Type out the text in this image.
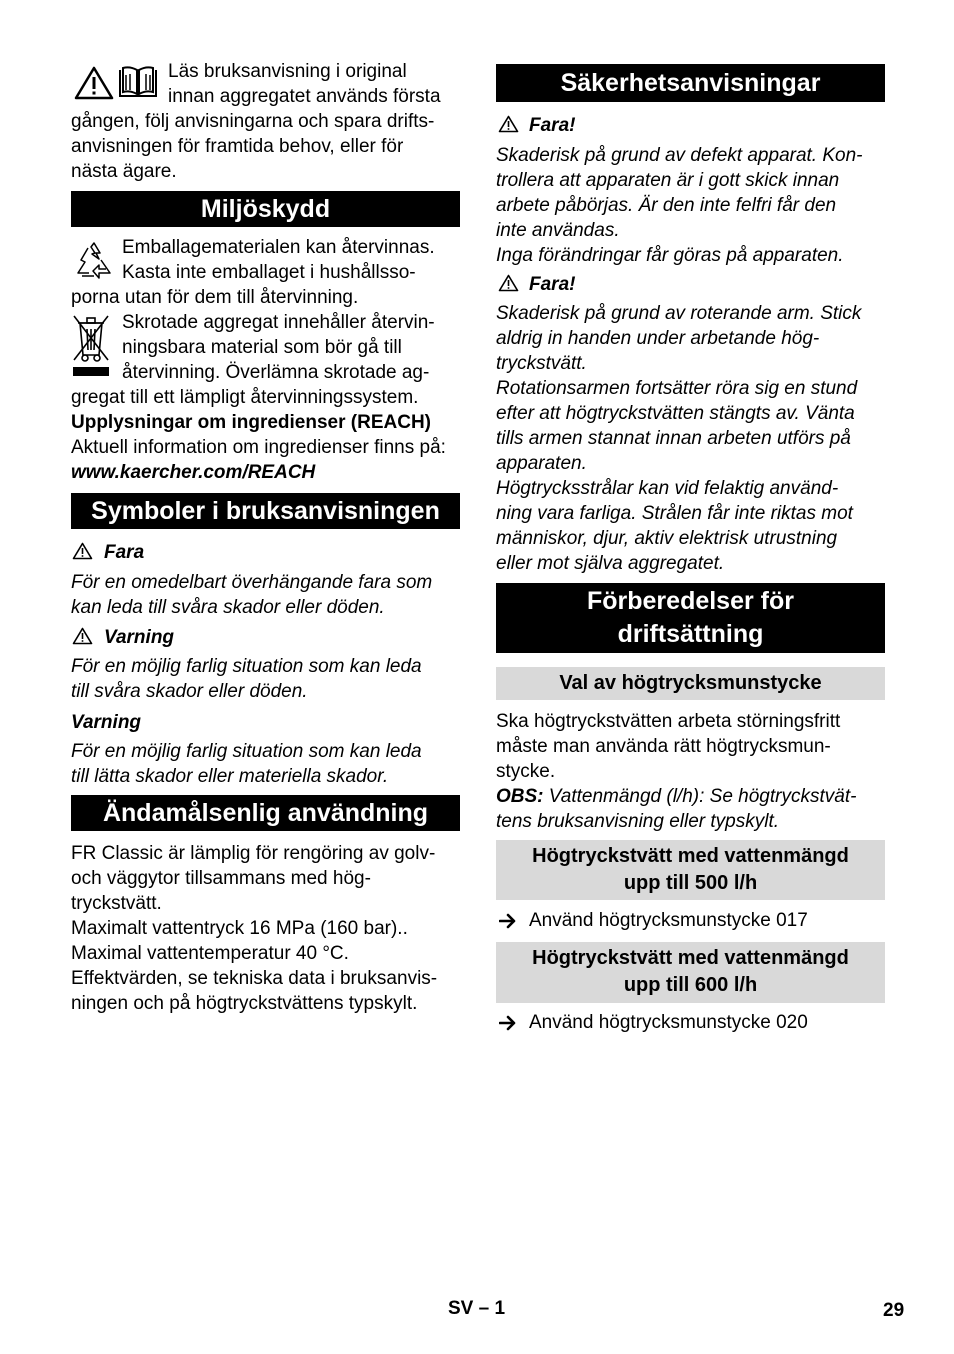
Läs bruksanvisning i original
innan aggregatet används första
gången, följ anvisningarna och spara drifts-
anvisningen för framtida behov, eller för
nästa ägare.
Miljöskydd
Emballagematerialen kan återvinnas.
Kasta inte emballaget i hushållsso-
porna utan för dem till återvinning.
Skrotade aggregat innehåller återvin-
ningsbara material som bör gå till
återvinning. Överlämna skrotade ag-
gregat till ett lämpligt återvinningssystem.
Upplysningar om ingredienser (REACH)
Aktuell information om ingredienser finns på:
www.kaercher.com/REACH
Symboler i bruksanvisningen
Fara
För en omedelbart överhängande fara som
kan leda till svåra skador eller döden.
Varning
För en möjlig farlig situation som kan leda
till svåra skador eller döden.
Varning
För en möjlig farlig situation som kan leda
till lätta skador eller materiella skador.
Ändamålsenlig användning
FR Classic är lämplig för rengöring av golv-
och väggytor tillsammans med hög-
tryckstvätt.
Maximalt vattentryck 16 MPa (160 bar)..
Maximal vattentemperatur 40 °C.
Effektvärden, se tekniska data i bruksanvis-
ningen och på högtryckstvättens typskylt.
Säkerhetsanvisningar
Fara!
Skaderisk på grund av defekt apparat. Kon-
trollera att apparaten är i gott skick innan
arbete påbörjas. Är den inte felfri får den
inte användas.
Inga förändringar får göras på apparaten.
Fara!
Skaderisk på grund av roterande arm. Stick
aldrig in handen under arbetande hög-
tryckstvätt.
Rotationsarmen fortsätter röra sig en stund
efter att högtryckstvätten stängts av. Vänta
tills armen stannat innan arbeten utförs på
apparaten.
Högtrycksstrålar kan vid felaktig använd-
ning vara farliga. Strålen får inte riktas mot
människor, djur, aktiv elektrisk utrustning
eller mot själva aggregatet.
Förberedelser för
driftsättning
Val av högtrycksmunstycke
Ska högtryckstvätten arbeta störningsfritt
måste man använda rätt högtrycksmun-
stycke.
OBS: Vattenmängd (l/h): Se högtryckstvät-
tens bruksanvisning eller typskylt.
Högtryckstvätt med vattenmängd
upp till 500 l/h
Använd högtrycksmunstycke 017
Högtryckstvätt med vattenmängd
upp till 600 l/h
Använd högtrycksmunstycke 020
SV – 1	29
